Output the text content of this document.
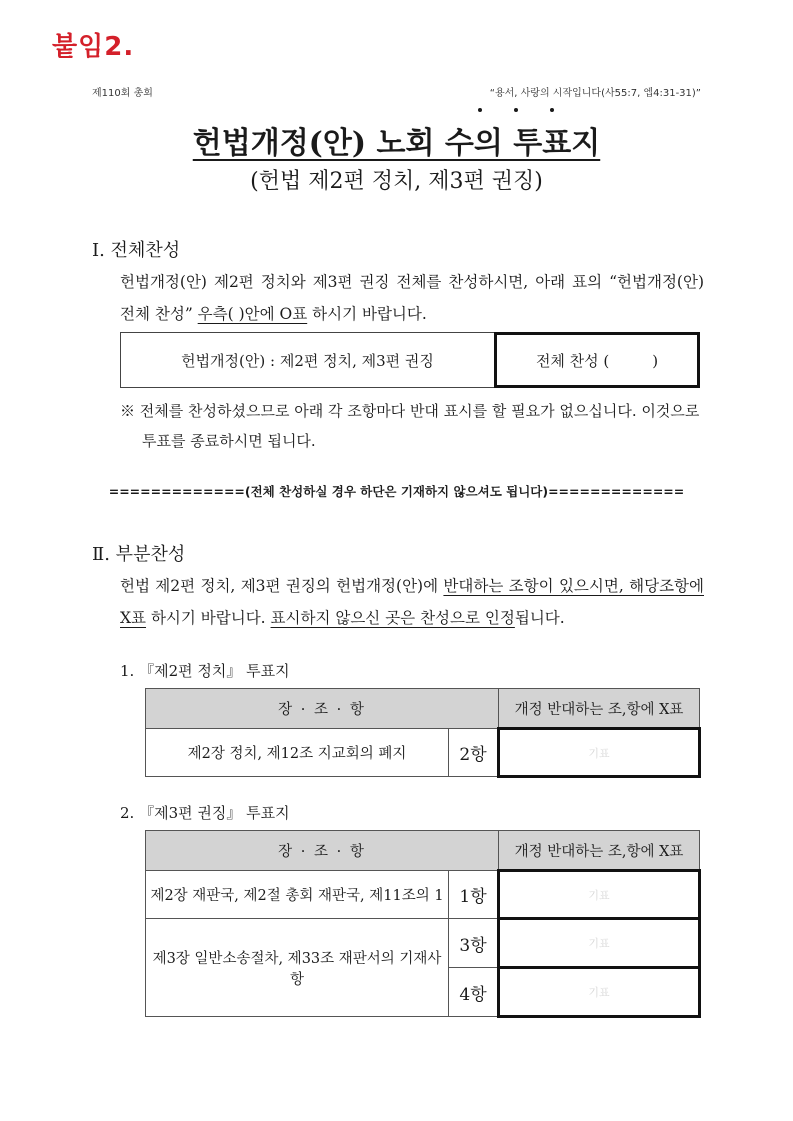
붙임2.
제110회 총회	“용서, 사랑의 시작입니다(사55:7, 엡4:31-31)”
헌법개정(안) 노회 수의 투표지
(헌법 제2편 정치, 제3편 권징)
Ⅰ. 전체찬성
헌법개정(안) 제2편 정치와 제3편 권징 전체를 찬성하시면, 아래 표의 “헌법개정(안) 전체 찬성” 우측( )안에 O표 하시기 바랍니다.
헌법개정(안) : 제2편 정치, 제3편 권징	전체 찬성 (         )
※ 전체를 찬성하셨으므로 아래 각 조항마다 반대 표시를 할 필요가 없으십니다. 이것으로 투표를 종료하시면 됩니다.
=============(전체 찬성하실 경우 하단은 기재하지 않으셔도 됩니다)=============
Ⅱ. 부분찬성
헌법 제2편 정치, 제3편 권징의 헌법개정(안)에 반대하는 조항이 있으시면, 해당조항에 X표 하시기 바랍니다. 표시하지 않으신 곳은 찬성으로 인정됩니다.
1. 『제2편 정치』 투표지
장 · 조 · 항		개정 반대하는 조,항에 X표
제2장 정치, 제12조 지교회의 폐지	2항	기표
2. 『제3편 권징』 투표지
장 · 조 · 항		개정 반대하는 조,항에 X표
제2장 재판국, 제2절 총회 재판국, 제11조의 1	1항	기표
제3장 일반소송절차, 제33조 재판서의 기재사항	3항	기표
	4항	기표
